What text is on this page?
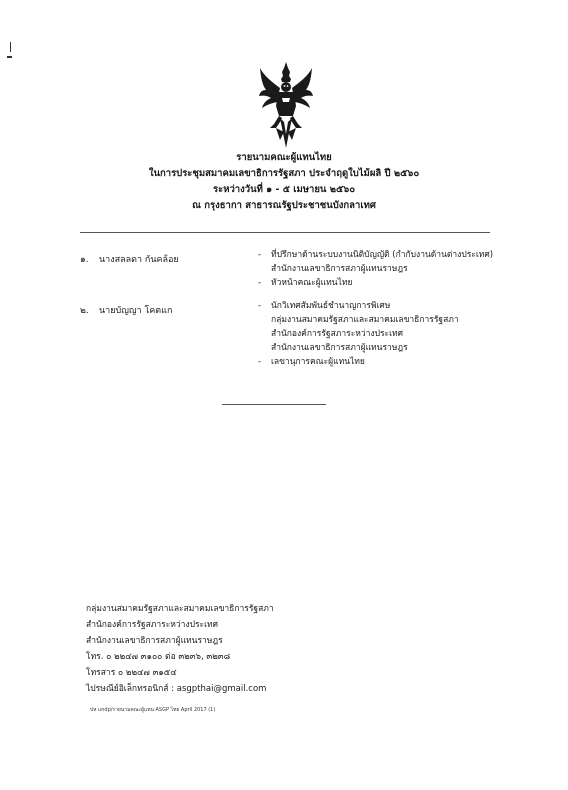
รายนามคณะผู้แทนไทย
ในการประชุมสมาคมเลขาธิการรัฐสภา ประจำฤดูใบไม้ผลิ ปี ๒๕๖๐
ระหว่างวันที่ ๑ - ๕ เมษายน ๒๕๖๐
ณ กรุงธากา สาธารณรัฐประชาชนบังกลาเทศ
๑. นางสลลดา กันคล้อย	- ที่ปรึกษาด้านระบบงานนิติบัญญัติ (กำกับงานด้านต่างประเทศ)
สำนักงานเลขาธิการสภาผู้แทนราษฎร
- หัวหน้าคณะผู้แทนไทย
๒. นายบัญญา โคตแก	- นักวิเทศสัมพันธ์ชำนาญการพิเศษ
กลุ่มงานสมาคมรัฐสภาและสมาคมเลขาธิการรัฐสภา
สำนักองค์การรัฐสภาระหว่างประเทศ
สำนักงานเลขาธิการสภาผู้แทนราษฎร
- เลขานุการคณะผู้แทนไทย
กลุ่มงานสมาคมรัฐสภาและสมาคมเลขาธิการรัฐสภา
สำนักองค์การรัฐสภาระหว่างประเทศ
สำนักงานเลขาธิการสภาผู้แทนราษฎร
โทร. ๐ ๒๒๔๗ ๓๑๐๐ ต่อ ๓๒๓๖, ๓๒๓๘
โทรสาร ๐ ๒๒๔๗ ๓๑๕๔
ไปรษณีย์อิเล็กทรอนิกส์ : asgpthai@gmail.com
ปห undp/รายนามคณะผู้แทน ASGP ไทย April 2017 (1)
